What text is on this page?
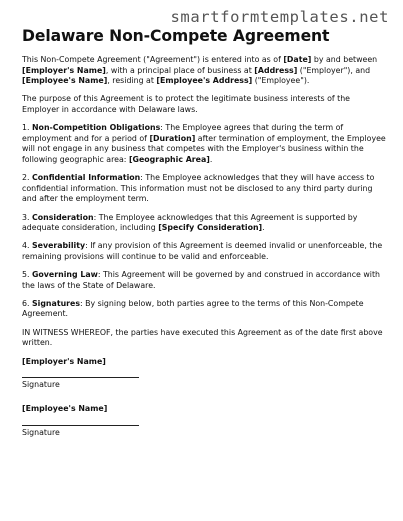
smartformtemplates.net
Delaware Non-Compete Agreement

This Non-Compete Agreement ("Agreement") is entered into as of [Date] by and between [Employer's Name], with a principal place of business at [Address] ("Employer"), and [Employee's Name], residing at [Employee's Address] ("Employee").

The purpose of this Agreement is to protect the legitimate business interests of the Employer in accordance with Delaware laws.

1. Non-Competition Obligations: The Employee agrees that during the term of employment and for a period of [Duration] after termination of employment, the Employee will not engage in any business that competes with the Employer's business within the following geographic area: [Geographic Area].

2. Confidential Information: The Employee acknowledges that they will have access to confidential information. This information must not be disclosed to any third party during and after the employment term.

3. Consideration: The Employee acknowledges that this Agreement is supported by adequate consideration, including [Specify Consideration].

4. Severability: If any provision of this Agreement is deemed invalid or unenforceable, the remaining provisions will continue to be valid and enforceable.

5. Governing Law: This Agreement will be governed by and construed in accordance with the laws of the State of Delaware.

6. Signatures: By signing below, both parties agree to the terms of this Non-Compete Agreement.

IN WITNESS WHEREOF, the parties have executed this Agreement as of the date first above written.

[Employer's Name]

Signature

[Employee's Name]

Signature
